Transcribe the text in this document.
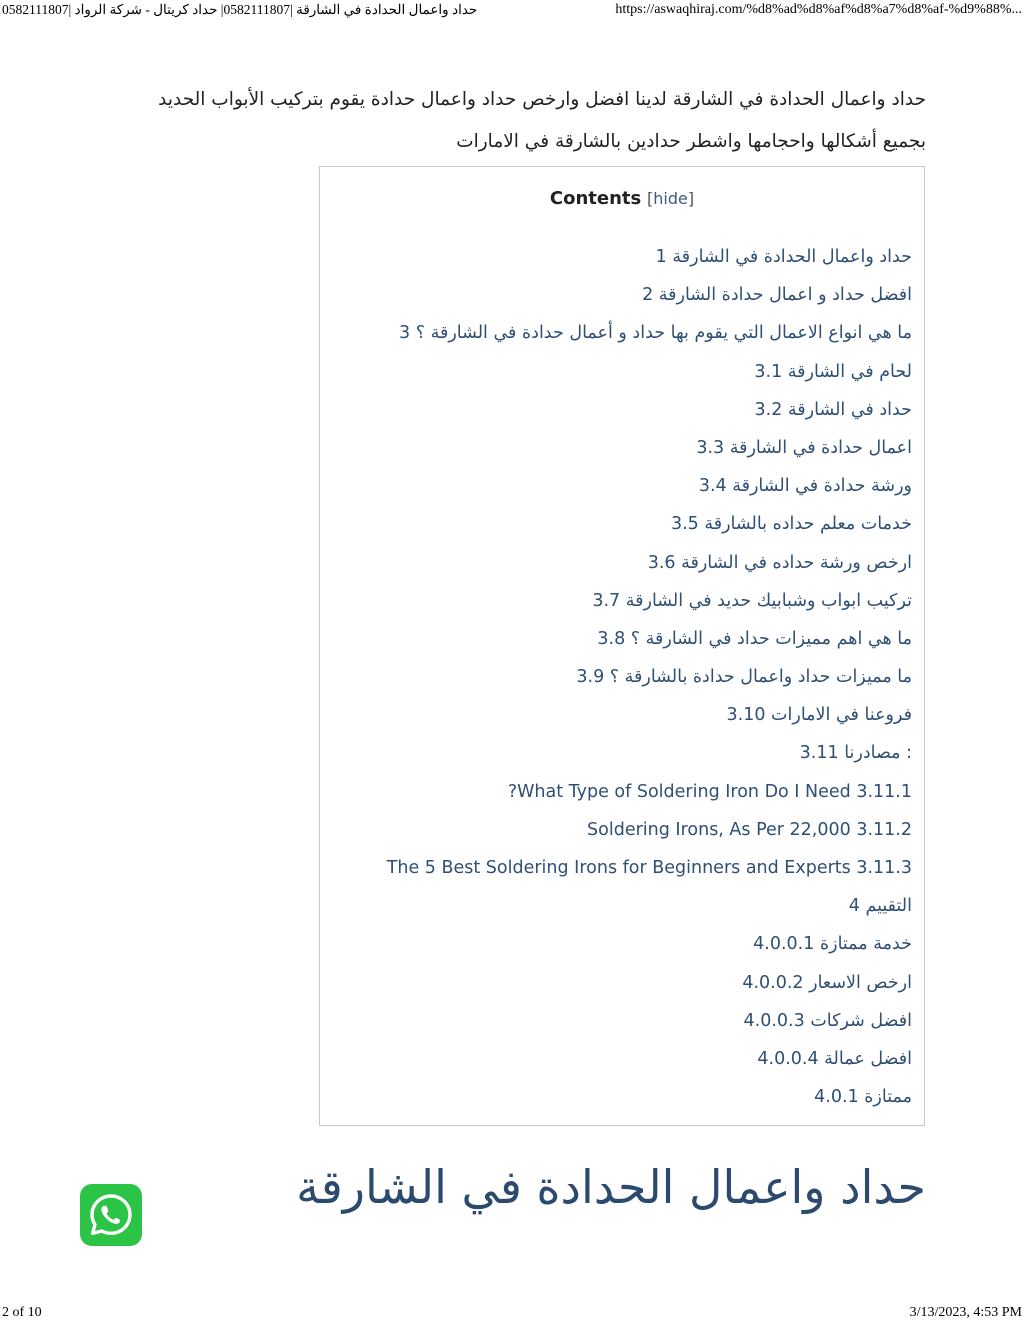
حداد واعمال الحدادة في الشارقة |0582111807| حداد كريتال - شركة الرواد |0582111807	https://aswaqhiraj.com/%d8%ad%d8%af%d8%a7%d8%af-%d9%88%...

حداد واعمال الحدادة في الشارقة لدينا افضل وارخص حداد واعمال حدادة يقوم بتركيب الأبواب الحديد بجميع أشكالها واحجامها واشطر حدادين بالشارقة في الامارات

Contents [hide]
1 حداد واعمال الحدادة في الشارقة
2 افضل حداد و اعمال حدادة الشارقة
3 ما هي انواع الاعمال التي يقوم بها حداد و أعمال حدادة في الشارقة ؟
3.1 لحام في الشارقة
3.2 حداد في الشارقة
3.3 اعمال حدادة في الشارقة
3.4 ورشة حدادة في الشارقة
3.5 خدمات معلم حداده بالشارقة
3.6 ارخص ورشة حداده في الشارقة
3.7 تركيب ابواب وشبابيك حديد في الشارقة
3.8 ما هي اهم مميزات حداد في الشارقة ؟
3.9 ما مميزات حداد واعمال حدادة بالشارقة ؟
3.10 فروعنا في الامارات
3.11 مصادرنا :
?What Type of Soldering Iron Do I Need 3.11.1
Soldering Irons, As Per 22,000 3.11.2
The 5 Best Soldering Irons for Beginners and Experts 3.11.3
4 التقييم
4.0.0.1 خدمة ممتازة
4.0.0.2 ارخص الاسعار
4.0.0.3 افضل شركات
4.0.0.4 افضل عمالة
4.0.1 ممتازة
حداد واعمال الحدادة في الشارقة
2 of 10	3/13/2023, 4:53 PM
